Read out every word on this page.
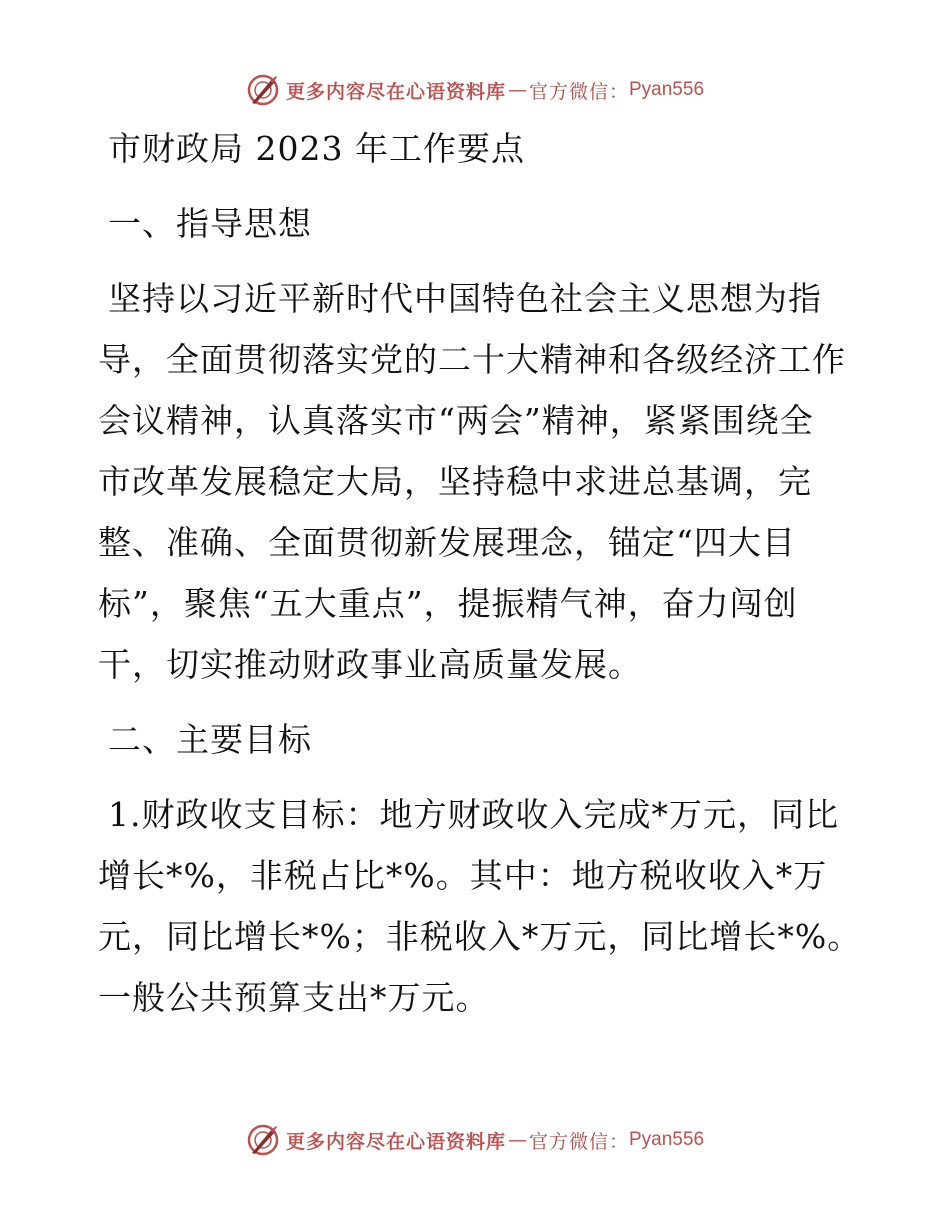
更多内容尽在心语资料库 — 官方微信： Pyan556
市财政局 2023 年工作要点
一、指导思想
坚持以习近平新时代中国特色社会主义思想为指
导，全面贯彻落实党的二十大精神和各级经济工作
会议精神，认真落实市“两会”精神，紧紧围绕全
市改革发展稳定大局，坚持稳中求进总基调，完
整、准确、全面贯彻新发展理念，锚定“四大目
标”，聚焦“五大重点”，提振精气神，奋力闯创
干，切实推动财政事业高质量发展。
二、主要目标
1.财政收支目标：地方财政收入完成*万元，同比
增长*%，非税占比*%。其中：地方税收收入*万
元，同比增长*%；非税收入*万元，同比增长*%。
一般公共预算支出*万元。
更多内容尽在心语资料库 — 官方微信： Pyan556
